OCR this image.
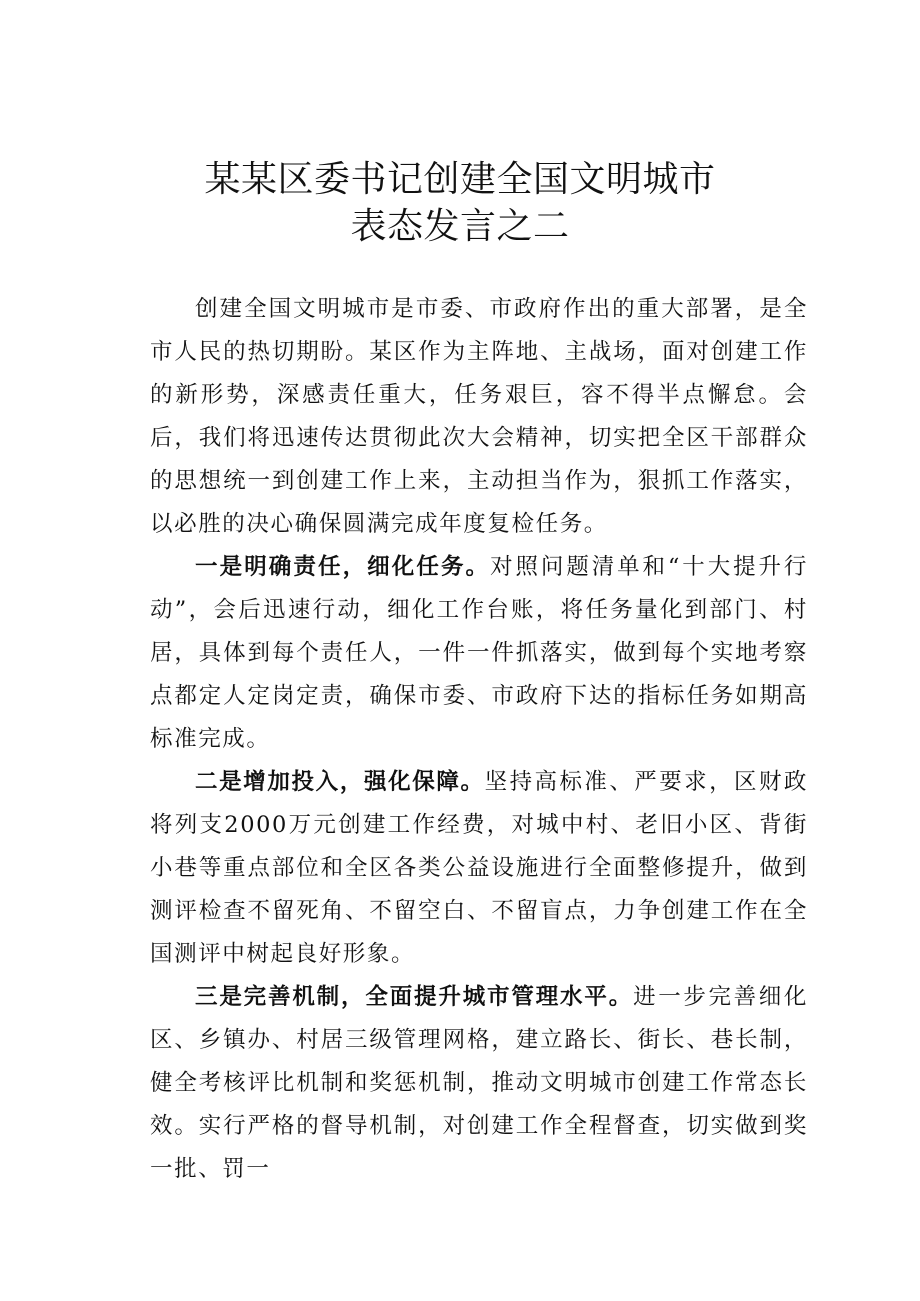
某某区委书记创建全国文明城市
表态发言之二

创建全国文明城市是市委、市政府作出的重大部署，是全市人民的热切期盼。某区作为主阵地、主战场，面对创建工作的新形势，深感责任重大，任务艰巨，容不得半点懈怠。会后，我们将迅速传达贯彻此次大会精神，切实把全区干部群众的思想统一到创建工作上来，主动担当作为，狠抓工作落实，以必胜的决心确保圆满完成年度复检任务。

一是明确责任，细化任务。对照问题清单和“十大提升行动”，会后迅速行动，细化工作台账，将任务量化到部门、村居，具体到每个责任人，一件一件抓落实，做到每个实地考察点都定人定岗定责，确保市委、市政府下达的指标任务如期高标准完成。

二是增加投入，强化保障。坚持高标准、严要求，区财政将列支2000万元创建工作经费，对城中村、老旧小区、背街小巷等重点部位和全区各类公益设施进行全面整修提升，做到测评检查不留死角、不留空白、不留盲点，力争创建工作在全国测评中树起良好形象。

三是完善机制，全面提升城市管理水平。进一步完善细化区、乡镇办、村居三级管理网格，建立路长、街长、巷长制，健全考核评比机制和奖惩机制，推动文明城市创建工作常态长效。实行严格的督导机制，对创建工作全程督查，切实做到奖一批、罚一
